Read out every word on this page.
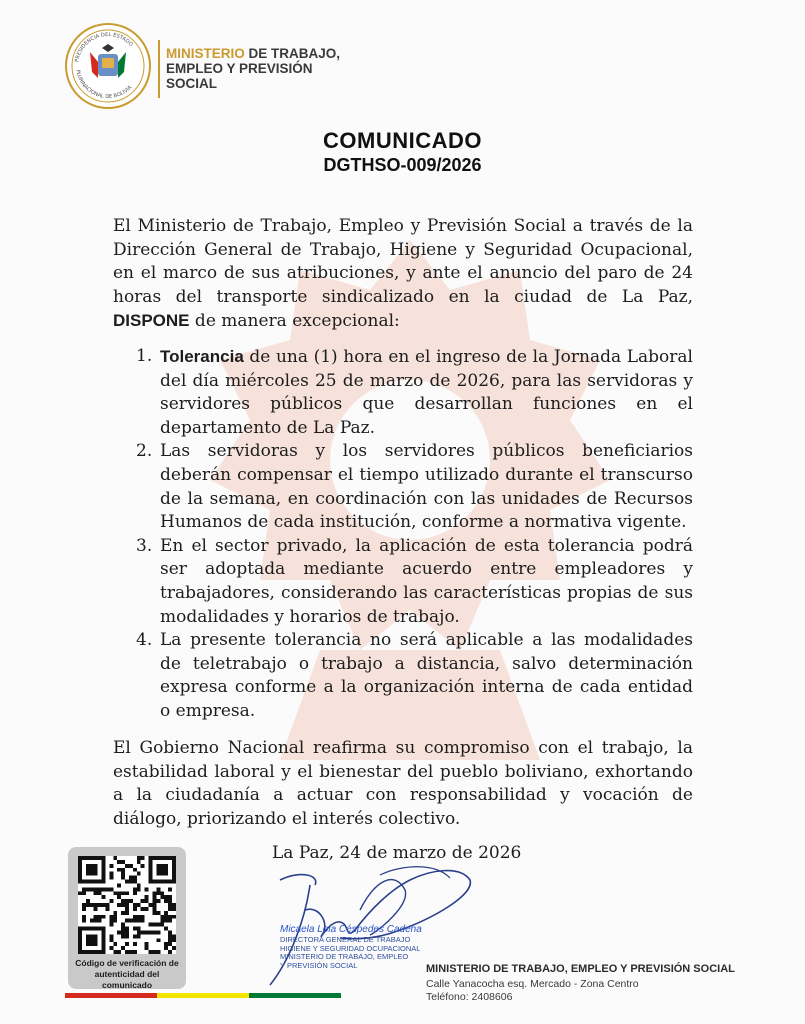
PRESIDENCIA DEL ESTADO
PLURINACIONAL DE BOLIVIA
MINISTERIO DE TRABAJO,
EMPLEO Y PREVISIÓN
SOCIAL
COMUNICADO
DGTHSO-009/2026
El Ministerio de Trabajo, Empleo y Previsión Social a través de la Dirección General de Trabajo, Higiene y Seguridad Ocupacional, en el marco de sus atribuciones, y ante el anuncio del paro de 24 horas del transporte sindicalizado en la ciudad de La Paz, DISPONE de manera excepcional:
1. Tolerancia de una (1) hora en el ingreso de la Jornada Laboral del día miércoles 25 de marzo de 2026, para las servidoras y servidores públicos que desarrollan funciones en el departamento de La Paz.
2. Las servidoras y los servidores públicos beneficiarios deberán compensar el tiempo utilizado durante el transcurso de la semana, en coordinación con las unidades de Recursos Humanos de cada institución, conforme a normativa vigente.
3. En el sector privado, la aplicación de esta tolerancia podrá ser adoptada mediante acuerdo entre empleadores y trabajadores, considerando las características propias de sus modalidades y horarios de trabajo.
4. La presente tolerancia no será aplicable a las modalidades de teletrabajo o trabajo a distancia, salvo determinación expresa conforme a la organización interna de cada entidad o empresa.
El Gobierno Nacional reafirma su compromiso con el trabajo, la estabilidad laboral y el bienestar del pueblo boliviano, exhortando a la ciudadanía a actuar con responsabilidad y vocación de diálogo, priorizando el interés colectivo.
La Paz, 24 de marzo de 2026
Código de verificación de
autenticidad del comunicado
Micaela Lola Céspedes Cadena
DIRECTORA GENERAL DE TRABAJO
HIGIENE Y SEGURIDAD OCUPACIONAL
MINISTERIO DE TRABAJO, EMPLEO
Y PREVISIÓN SOCIAL	MINISTERIO DE TRABAJO, EMPLEO Y PREVISIÓN SOCIAL
Calle Yanacocha esq. Mercado - Zona Centro
Teléfono: 2408606
